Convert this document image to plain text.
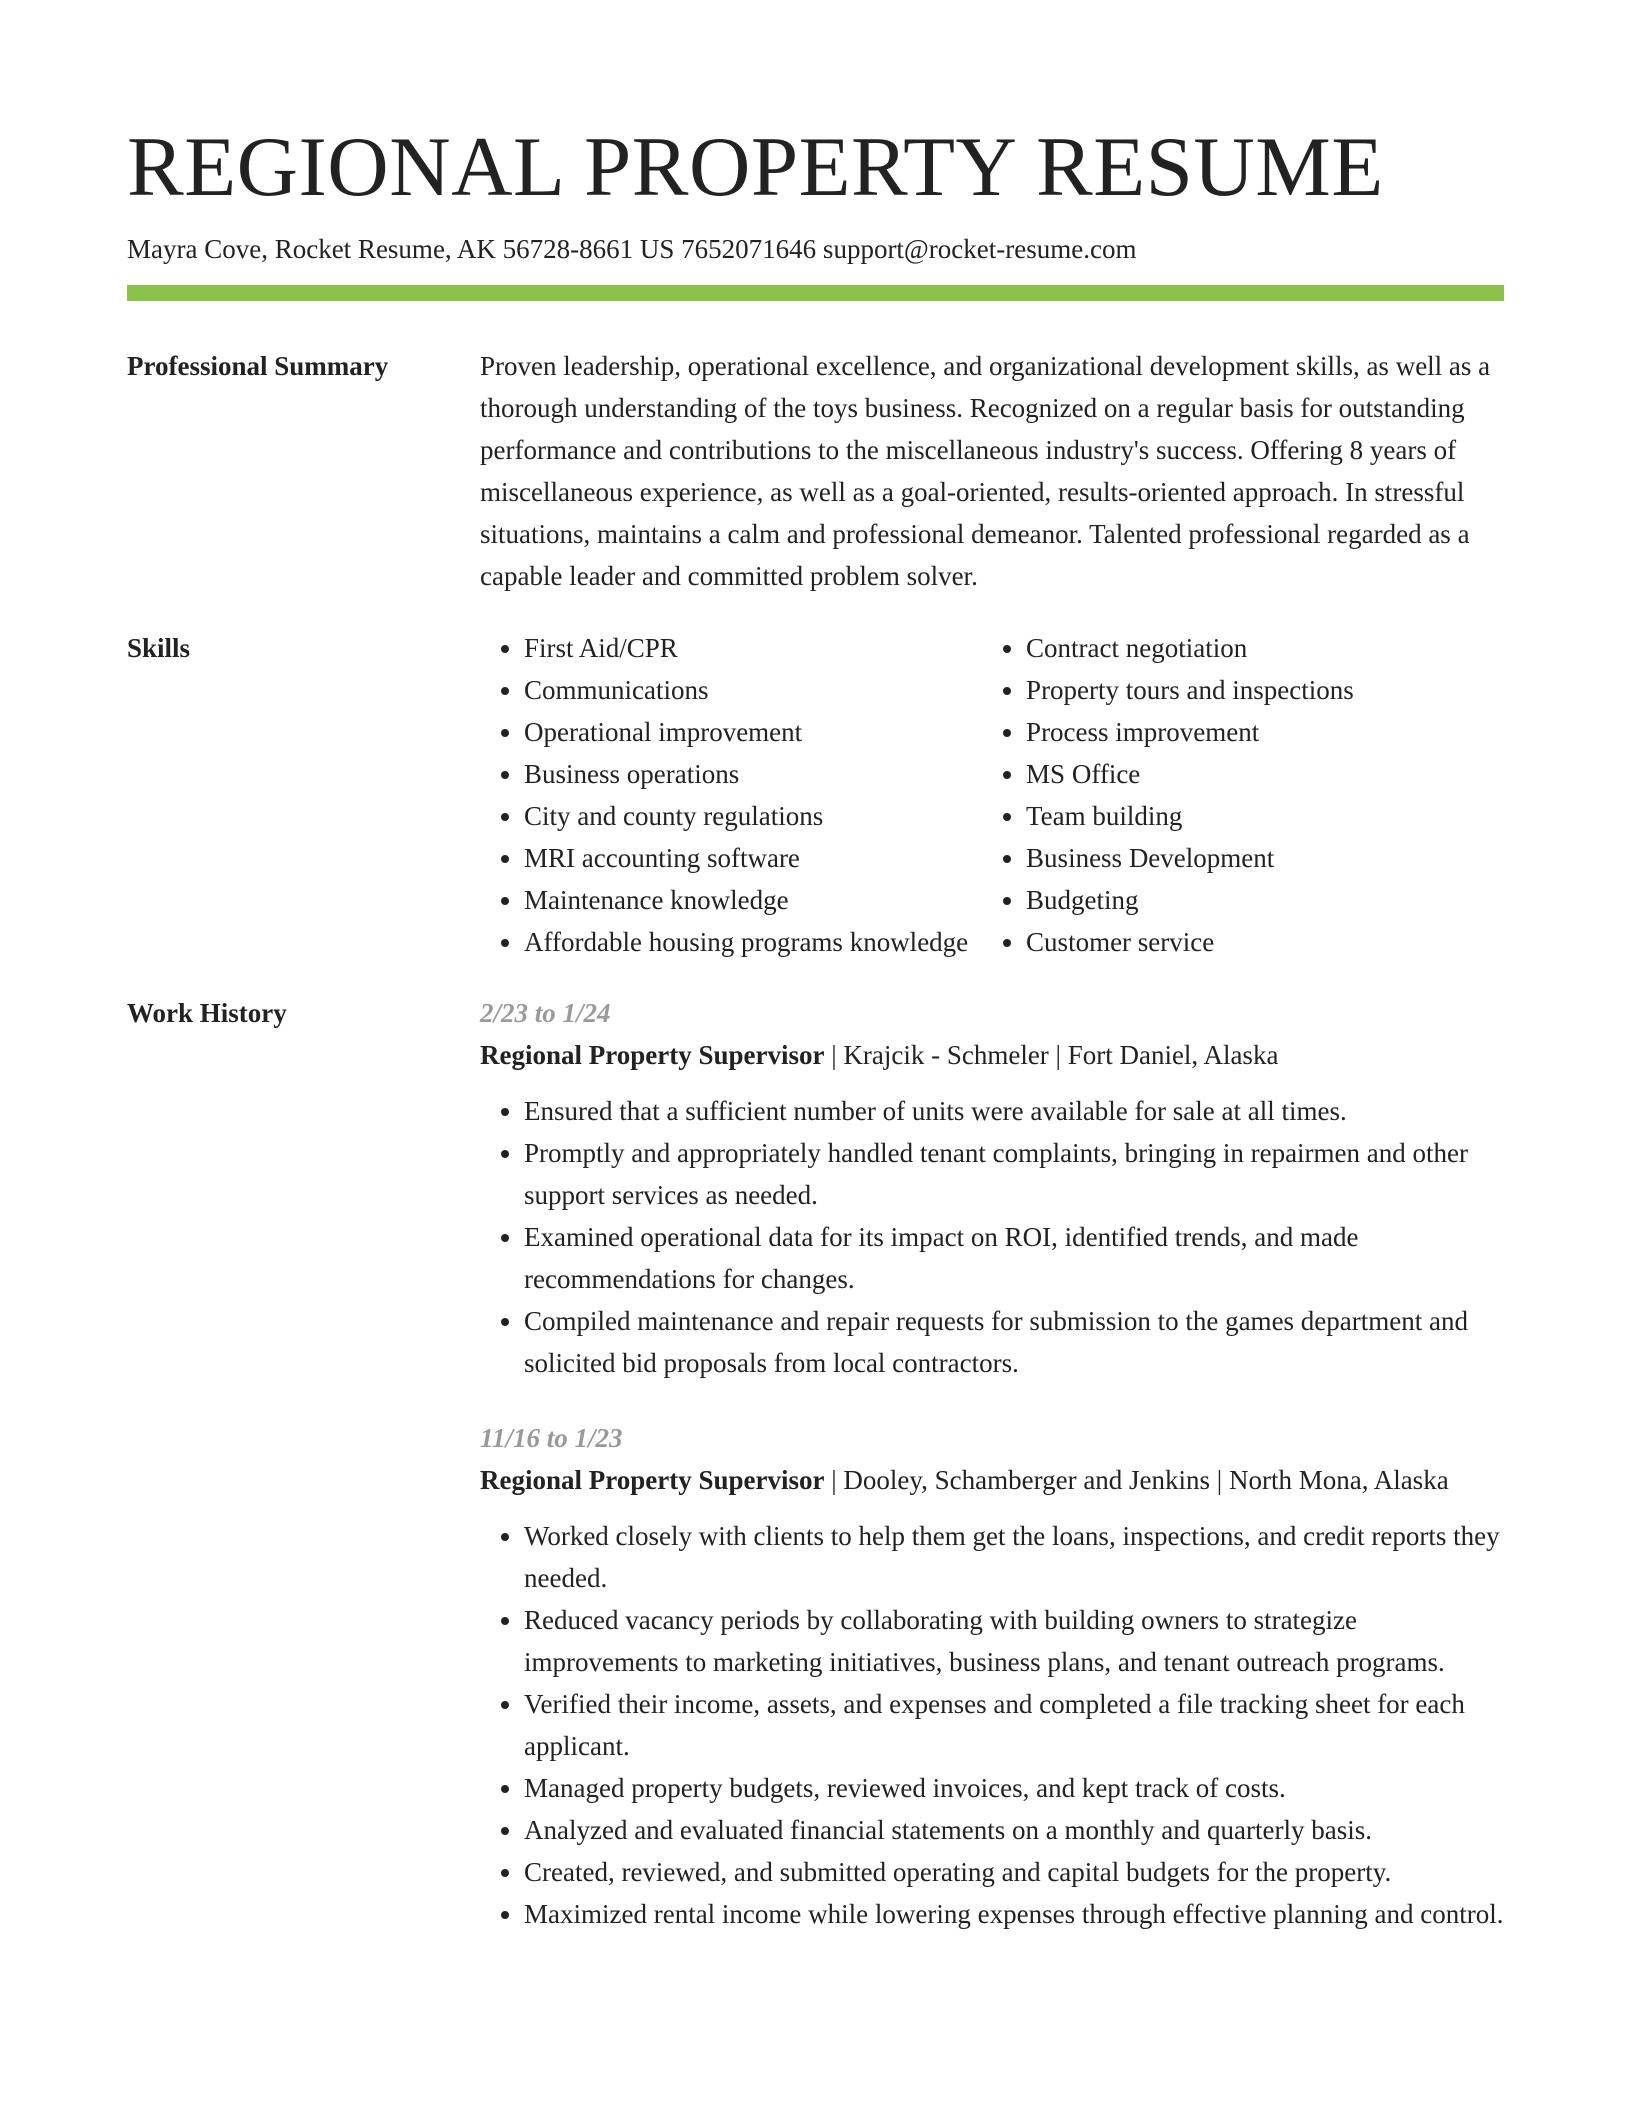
REGIONAL PROPERTY RESUME
Mayra Cove, Rocket Resume, AK 56728-8661 US 7652071646 support@rocket-resume.com
Professional Summary	Proven leadership, operational excellence, and organizational development skills, as well as a thorough understanding of the toys business. Recognized on a regular basis for outstanding performance and contributions to the miscellaneous industry's success. Offering 8 years of miscellaneous experience, as well as a goal-oriented, results-oriented approach. In stressful situations, maintains a calm and professional demeanor. Talented professional regarded as a capable leader and committed problem solver.

Skills
•	First Aid/CPR
• Communications
• Operational improvement
• Business operations
• City and county regulations
• MRI accounting software
• Maintenance knowledge
• Affordable housing programs knowledge
• Contract negotiation
• Property tours and inspections
• Process improvement
• MS Office
• Team building
• Business Development
• Budgeting
• Customer service
Work History	2/23 to 1/24
Regional Property Supervisor | Krajcik - Schmeler | Fort Daniel, Alaska
• Ensured that a sufficient number of units were available for sale at all times.
• Promptly and appropriately handled tenant complaints, bringing in repairmen and other support services as needed.
• Examined operational data for its impact on ROI, identified trends, and made recommendations for changes.
• Compiled maintenance and repair requests for submission to the games department and solicited bid proposals from local contractors.
11/16 to 1/23
Regional Property Supervisor | Dooley, Schamberger and Jenkins | North Mona, Alaska
• Worked closely with clients to help them get the loans, inspections, and credit reports they needed.
• Reduced vacancy periods by collaborating with building owners to strategize improvements to marketing initiatives, business plans, and tenant outreach programs.
• Verified their income, assets, and expenses and completed a file tracking sheet for each applicant.
• Managed property budgets, reviewed invoices, and kept track of costs.
• Analyzed and evaluated financial statements on a monthly and quarterly basis.
• Created, reviewed, and submitted operating and capital budgets for the property.
• Maximized rental income while lowering expenses through effective planning and control.
